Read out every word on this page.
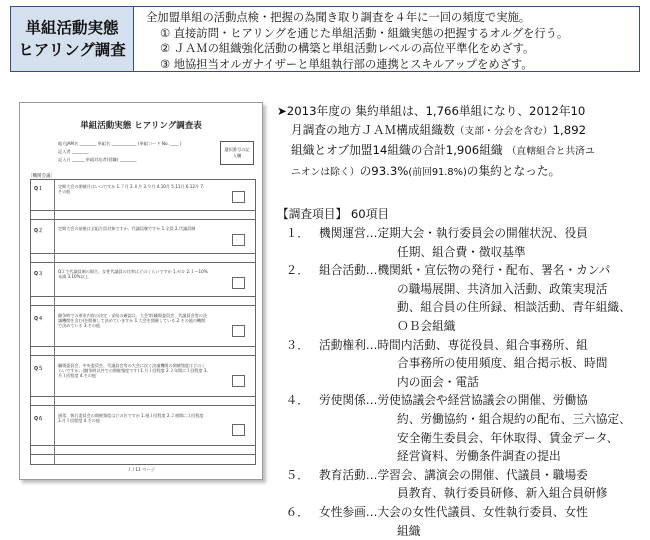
単組活動実態
ヒアリング調査
全加盟単組の活動点検・把握の為聞き取り調査を４年に一回の頻度で実施。
① 直接訪問・ヒアリングを通じた単組活動・組織実態の把握するオルグを行う。
② ＪＡＭの組織強化活動の構築と単組活動レベルの高位平準化をめざす。
③ 地協担当オルガナイザーと単組執行部の連携とスキルアップをめざす。
単組活動実態 ヒアリング調査表
地方JAM名 ________ 単組名 ____________ (単組コード No. ____ )
記入者 ________
記入日 ______ 単組対応者(役職) ________
選択番号の記入欄
［機関会議］
Q１
定期大会の開催月はいつですか 1.７月 2.８月 3.９月 4.10月 5.11月 6.12月 7.その他
Q２
定期大会の前後は全組合員対象ですか。代議員制ですか 1.全員 2.代議員制
Q３
Q２で代議員制の場合、女性代議員の比率はどのくらいですか 1.ゼロ 2.１〜10%未満 3.10%以上
Q４
闘争時での要求内容の決定・妥結の確認は、大会等(職場委員会、代議員会等の決議機関を含む)を開催して決めていますか 1.大会を開催している 2.その他の機関で決めている 3.その他
Q５
職場委員会、中央委員会、代議員会等の大会に次ぐ決議機関の開催頻度はどのくらいですか。(闘争時以外での開催頻度です) 1.月１回程度 2.２年間に１回程度 3.月１回程度 4.その他
Q６
通常、執行委員会の開催頻度はどの位ですか 1.週１回程度 2.２週間に１回程度 3.月１回程度 4.その他
１ / 11 ページ
➤2013年度の 集約単組は、1,766単組になり、2012年10
月調査の地方ＪＡＭ構成組織数（支部・分会を含む）1,892
組織とオブ加盟14組織の合計1,906組織 （直轄組合と共済ユ
ニオンは除く）の93.3%(前回91.8%)の集約となった。
【調査項目】 60項目
１． 機関運営…定期大会・執行委員会の開催状況、役員
任期、組合費・徴収基準
２． 組合活動…機関紙・宣伝物の発行・配布、署名・カンパ
の職場展開、共済加入活動、政策実現活
動、組合員の住所録、相談活動、青年組織、
ＯＢ会組織
３． 活動権利…時間内活動、専従役員、組合事務所、組
合事務所の使用頻度、組合掲示板、時間
内の面会・電話
４． 労使関係…労使協議会や経営協議会の開催、労働協
約、労働協約・組合規約の配布、三六協定、
安全衛生委員会、年休取得、賃金データ、
経営資料、労働条件調査の提出
５． 教育活動…学習会、講演会の開催、代議員・職場委
員教育、執行委員研修、新入組合員研修
６． 女性参画…大会の女性代議員、女性執行委員、女性
組織
